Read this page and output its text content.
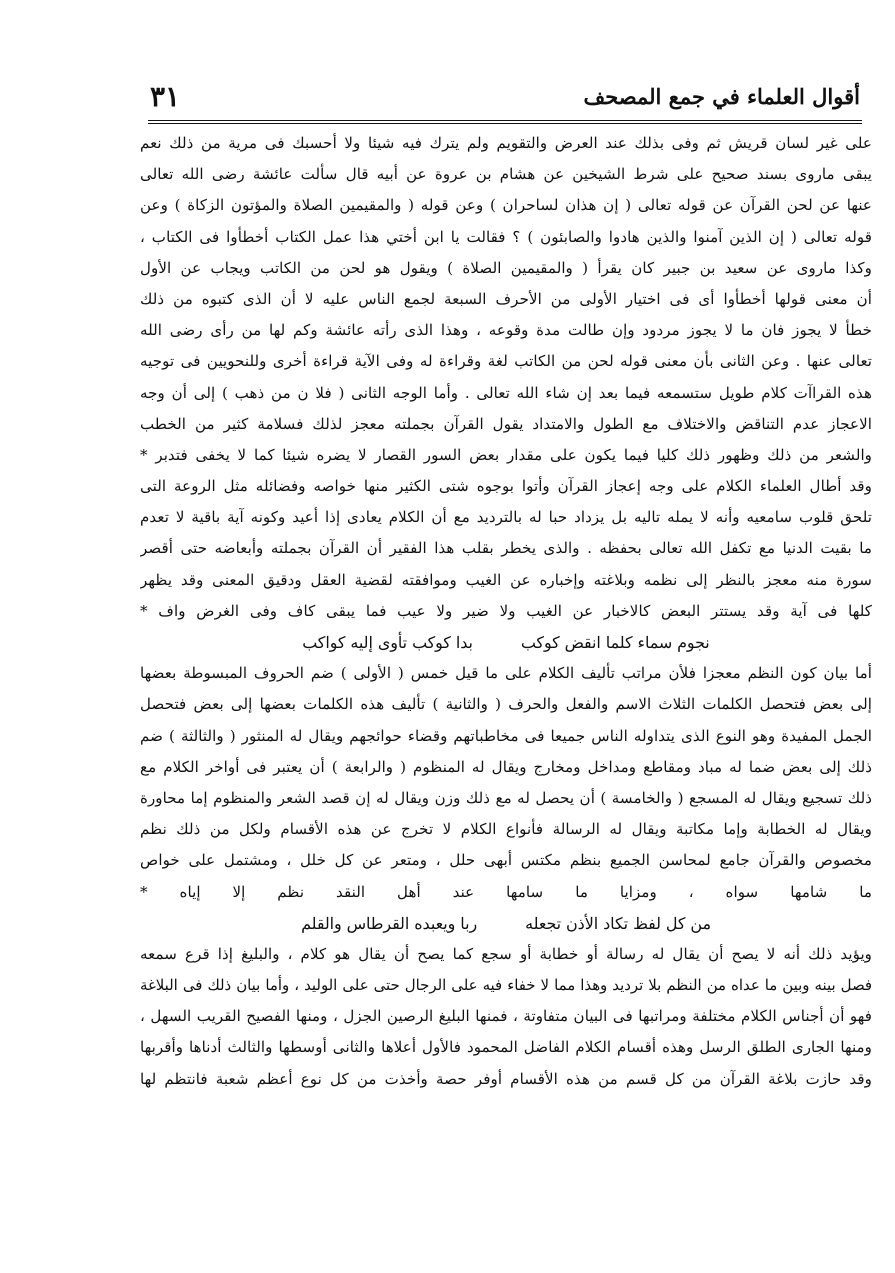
أقوال العلماء في جمع المصحف
٣١
على غير لسان قريش ثم وفى بذلك عند العرض والتقويم ولم يترك فيه شيئا ولا أحسبك فى مرية من ذلك نعم
يبقى ماروى بسند صحيح على شرط الشيخين عن هشام بن عروة عن أبيه قال سألت عائشة رضى الله تعالى
عنها عن لحن القرآن عن قوله تعالى ( إن هذان لساحران ) وعن قوله ( والمقيمين الصلاة والمؤتون الزكاة ) وعن
قوله تعالى ( إن الذين آمنوا والذين هادوا والصابئون ) ؟ فقالت يا ابن أختي هذا عمل الكتاب أخطأوا فى الكتاب ،
وكذا ماروى عن سعيد بن جبير كان يقرأ ( والمقيمين الصلاة ) ويقول هو لحن من الكاتب ويجاب عن الأول
أن معنى قولها أخطأوا أى فى اختيار الأولى من الأحرف السبعة لجمع الناس عليه لا أن الذى كتبوه من ذلك
خطأ لا يجوز فان ما لا يجوز مردود وإن طالت مدة وقوعه ، وهذا الذى رأته عائشة وكم لها من رأى رضى الله
تعالى عنها . وعن الثانى بأن معنى قوله لحن من الكاتب لغة وقراءة له وفى الآية قراءة أخرى وللنحويين فى توجيه
هذه القراآت كلام طويل ستسمعه فيما بعد إن شاء الله تعالى . وأما الوجه الثانى ( فلا ن من ذهب ) إلى أن وجه
الاعجاز عدم التناقض والاختلاف مع الطول والامتداد يقول القرآن بجملته معجز لذلك فسلامة كثير من الخطب
والشعر من ذلك وظهور ذلك كليا فيما يكون على مقدار بعض السور القصار لا يضره شيئا كما لا يخفى فتدبر *
وقد أطال العلماء الكلام على وجه إعجاز القرآن وأتوا بوجوه شتى الكثير منها خواصه وفضائله مثل الروعة التى
تلحق قلوب سامعيه وأنه لا يمله تاليه بل يزداد حبا له بالترديد مع أن الكلام يعادى إذا أعيد وكونه آية باقية لا تعدم
ما بقيت الدنيا مع تكفل الله تعالى بحفظه . والذى يخطر بقلب هذا الفقير أن القرآن بجملته وأبعاضه حتى أقصر
سورة منه معجز بالنظر إلى نظمه وبلاغته وإخباره عن الغيب وموافقته لقضية العقل ودقيق المعنى وقد يظهر
كلها فى آية وقد يستتر البعض كالاخبار عن الغيب ولا ضير ولا عيب فما يبقى كاف وفى الغرض واف *
نجوم سماء كلما انقض كوكب
بدا كوكب تأوى إليه كواكب
أما بيان كون النظم معجزا فلأن مراتب تأليف الكلام على ما قيل خمس ( الأولى ) ضم الحروف المبسوطة بعضها
إلى بعض فتحصل الكلمات الثلاث الاسم والفعل والحرف ( والثانية ) تأليف هذه الكلمات بعضها إلى بعض فتحصل
الجمل المفيدة وهو النوع الذى يتداوله الناس جميعا فى مخاطباتهم وقضاء حوائجهم ويقال له المنثور ( والثالثة ) ضم
ذلك إلى بعض ضما له مباد ومقاطع ومداخل ومخارج ويقال له المنظوم ( والرابعة ) أن يعتبر فى أواخر الكلام مع
ذلك تسجيع ويقال له المسجع ( والخامسة ) أن يحصل له مع ذلك وزن ويقال له إن قصد الشعر والمنظوم إما محاورة
ويقال له الخطابة وإما مكاتبة ويقال له الرسالة فأنواع الكلام لا تخرج عن هذه الأقسام ولكل من ذلك نظم
مخصوص والقرآن جامع لمحاسن الجميع بنظم مكتس أبهى حلل ، ومتعر عن كل خلل ، ومشتمل على خواص
ما شامها سواه ، ومزايا ما سامها عند أهل النقد نظم إلا إياه *
من كل لفظ تكاد الأذن تجعله
ربا ويعبده القرطاس والقلم
ويؤيد ذلك أنه لا يصح أن يقال له رسالة أو خطابة أو سجع كما يصح أن يقال هو كلام ، والبليغ إذا قرع سمعه
فصل بينه وبين ما عداه من النظم بلا ترديد وهذا مما لا خفاء فيه على الرجال حتى على الوليد ، وأما بيان ذلك فى البلاغة
فهو أن أجناس الكلام مختلفة ومراتبها فى البيان متفاوتة ، فمنها البليغ الرصين الجزل ، ومنها الفصيح القريب السهل ،
ومنها الجارى الطلق الرسل وهذه أقسام الكلام الفاضل المحمود فالأول أعلاها والثانى أوسطها والثالث أدناها وأقربها
وقد حازت بلاغة القرآن من كل قسم من هذه الأقسام أوفر حصة وأخذت من كل نوع أعظم شعبة فانتظم لها
